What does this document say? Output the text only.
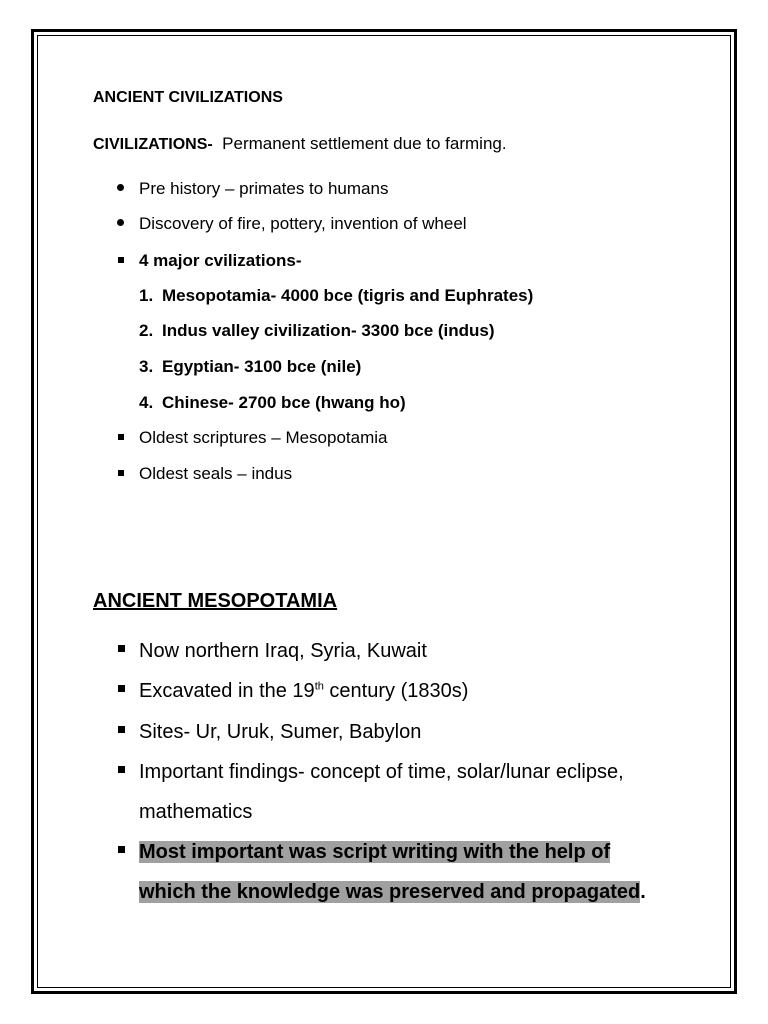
ANCIENT CIVILIZATIONS

CIVILIZATIONS- Permanent settlement due to farming.

Pre history – primates to humans
Discovery of fire, pottery, invention of wheel
4 major cvilizations-
1. Mesopotamia- 4000 bce (tigris and Euphrates)
2. Indus valley civilization- 3300 bce (indus)
3. Egyptian- 3100 bce (nile)
4. Chinese- 2700 bce (hwang ho)
Oldest scriptures – Mesopotamia
Oldest seals – indus
ANCIENT MESOPOTAMIA
Now northern Iraq, Syria, Kuwait
Excavated in the 19th century (1830s)
Sites- Ur, Uruk, Sumer, Babylon
Important findings- concept of time, solar/lunar eclipse,
mathematics
Most important was script writing with the help of
which the knowledge was preserved and propagated.
